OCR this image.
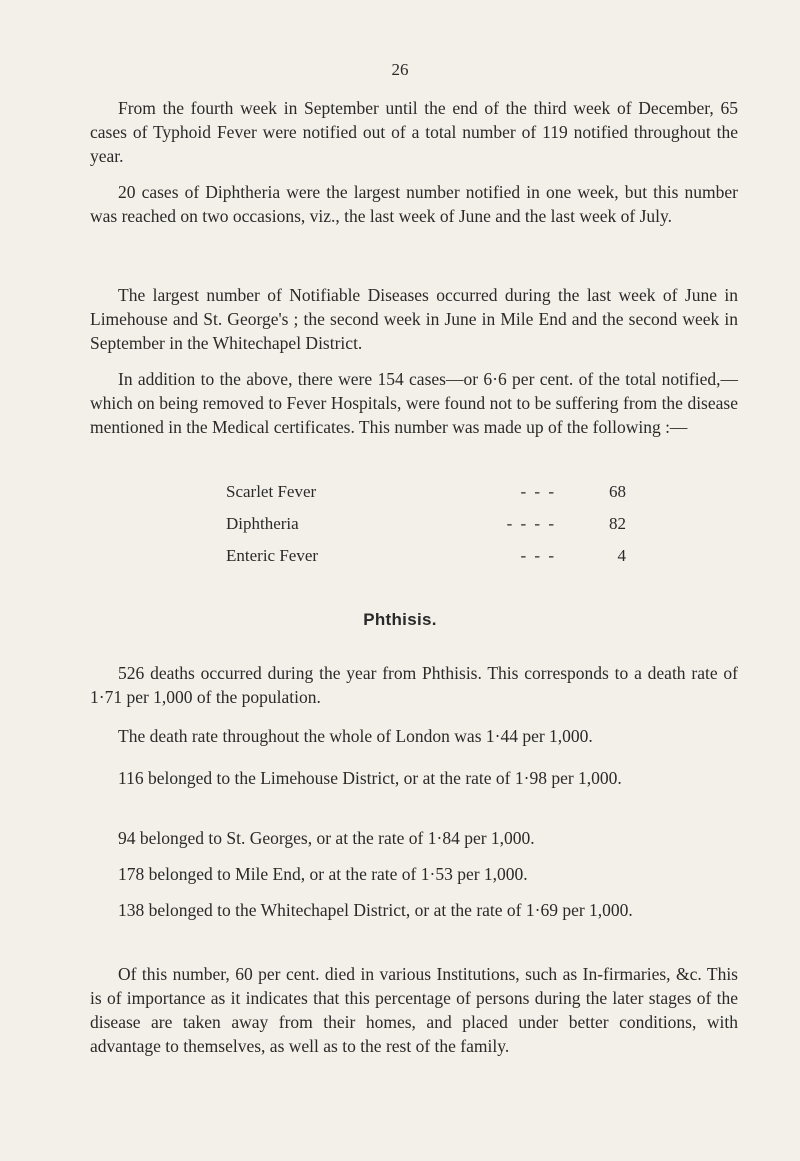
26

From the fourth week in September until the end of the third week of December, 65 cases of Typhoid Fever were notified out of a total number of 119 notified throughout the year.

20 cases of Diphtheria were the largest number notified in one week, but this number was reached on two occasions, viz., the last week of June and the last week of July.

The largest number of Notifiable Diseases occurred during the last week of June in Limehouse and St. George's ; the second week in June in Mile End and the second week in September in the Whitechapel District.

In addition to the above, there were 154 cases—or 6·6 per cent. of the total notified,—which on being removed to Fever Hospitals, were found not to be suffering from the disease mentioned in the Medical certificates. This number was made up of the following :—

Scarlet Fever	- - -	68
Diphtheria	- - - -	82
Enteric Fever	- - -	4
Phthisis.

526 deaths occurred during the year from Phthisis. This corresponds to a death rate of 1·71 per 1,000 of the population.

The death rate throughout the whole of London was 1·44 per 1,000.

116 belonged to the Limehouse District, or at the rate of 1·98 per 1,000.

94 belonged to St. Georges, or at the rate of 1·84 per 1,000.

178 belonged to Mile End, or at the rate of 1·53 per 1,000.

138 belonged to the Whitechapel District, or at the rate of 1·69 per 1,000.

Of this number, 60 per cent. died in various Institutions, such as In-firmaries, &c. This is of importance as it indicates that this percentage of persons during the later stages of the disease are taken away from their homes, and placed under better conditions, with advantage to themselves, as well as to the rest of the family.
